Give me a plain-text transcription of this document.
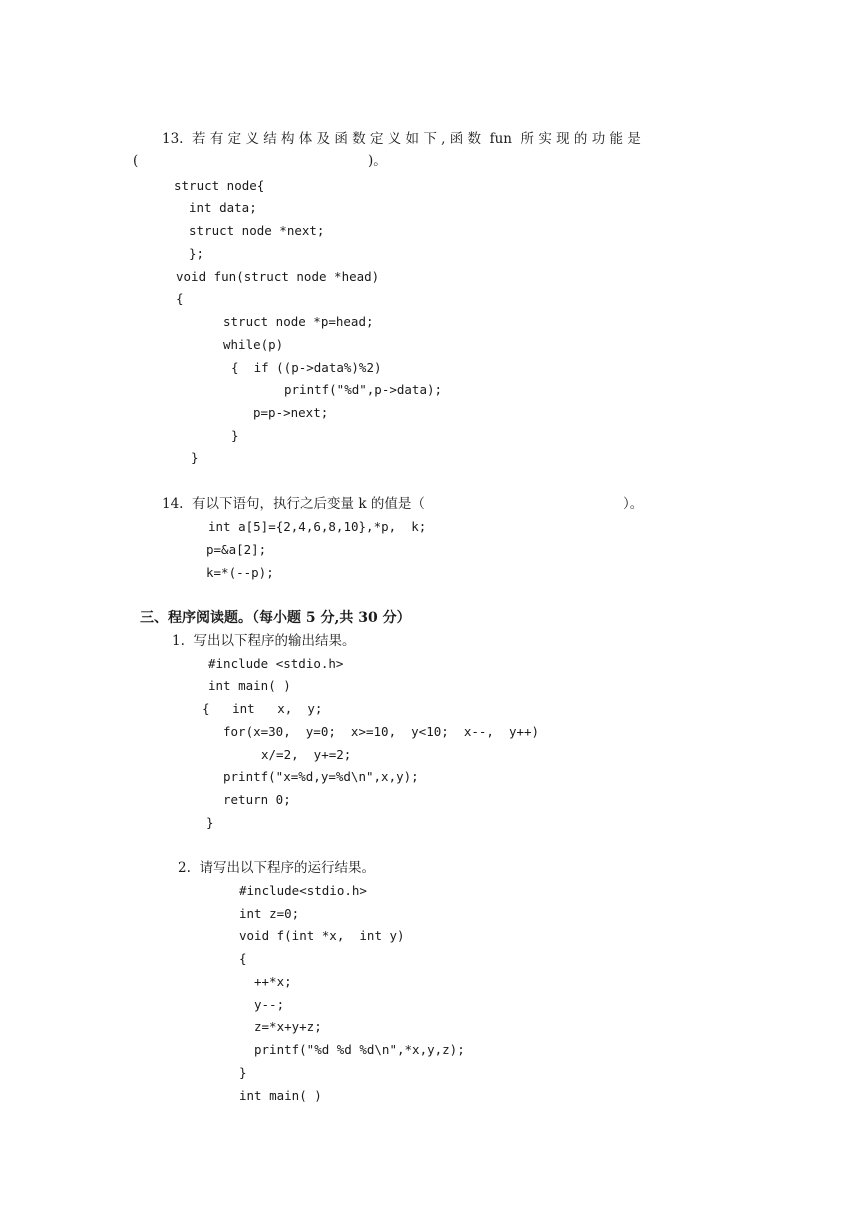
13.  若 有 定 义 结 构 体 及 函 数 定 义 如 下 , 函 数  fun  所 实 现 的 功 能 是
(	)。
struct node{
int data;
struct node *next;
};
void fun(struct node *head)
{
struct node *p=head;
while(p)
{  if ((p->data%)%2)
printf("%d",p->data);
p=p->next;
}
}
14.  有以下语句，执行之后变量 k 的值是（	）。
int a[5]={2,4,6,8,10},*p,  k;
p=&a[2];
k=*(--p);
三、程序阅读题。（每小题 5 分,共 30 分）
1.  写出以下程序的输出结果。
#include <stdio.h>
int main( )
{   int   x,  y;
for(x=30,  y=0;  x>=10,  y<10;  x--,  y++)
x/=2,  y+=2;
printf("x=%d,y=%d\n",x,y);
return 0;
}
2.  请写出以下程序的运行结果。
#include<stdio.h>
int z=0;
void f(int *x,  int y)
{
++*x;
y--;
z=*x+y+z;
printf("%d %d %d\n",*x,y,z);
}
int main( )
